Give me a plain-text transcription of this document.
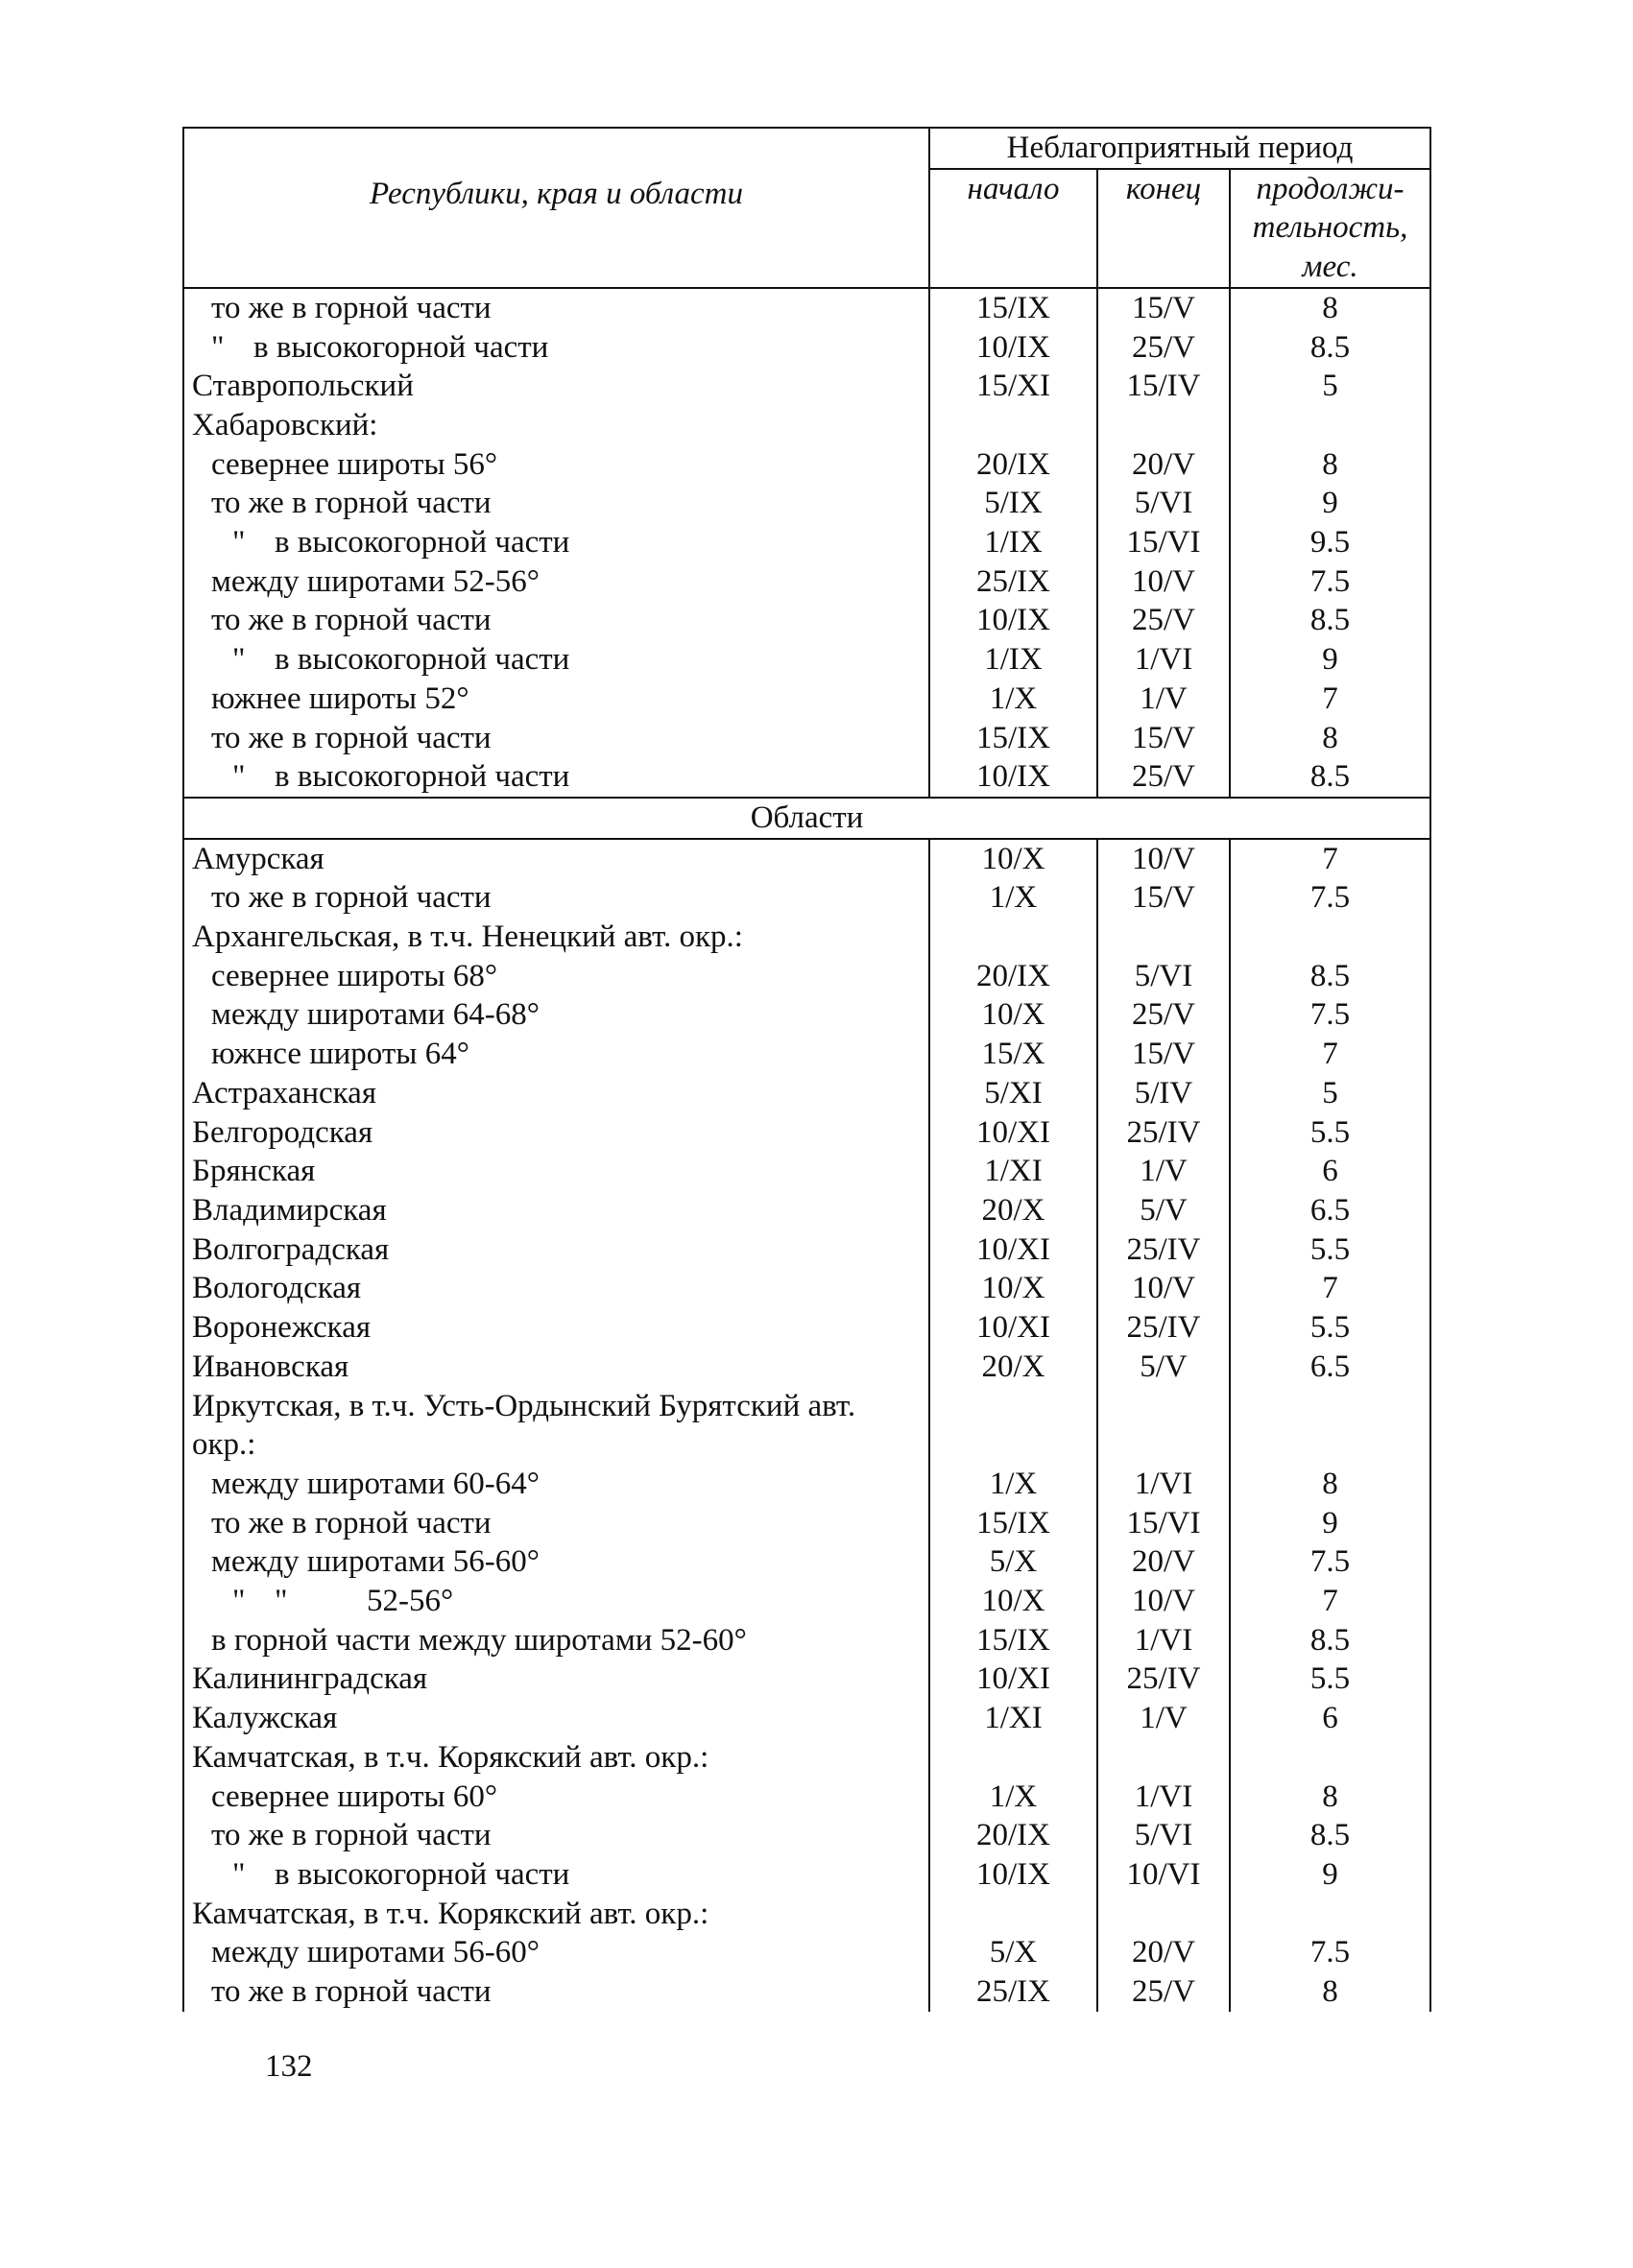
Республики, края и области	Неблагоприятный период		
	начало	конец	продолжи-тельность, мес.
то же в горной части	15/IX	15/V	8
" в высокогорной части	10/IX	25/V	8.5
Ставропольский	15/XI	15/IV	5
Хабаровский:			
севернее широты 56°	20/IX	20/V	8
то же в горной части	5/IX	5/VI	9
" в высокогорной части	1/IX	15/VI	9.5
между широтами 52-56°	25/IX	10/V	7.5
то же в горной части	10/IX	25/V	8.5
" в высокогорной части	1/IX	1/VI	9
южнее широты 52°	1/X	1/V	7
то же в горной части	15/IX	15/V	8
" в высокогорной части	10/IX	25/V	8.5
Области			
Амурская	10/X	10/V	7
то же в горной части	1/X	15/V	7.5
Архангельская, в т.ч. Ненецкий авт. окр.:			
севернее широты 68°	20/IX	5/VI	8.5
между широтами 64-68°	10/X	25/V	7.5
южнсе широты 64°	15/X	15/V	7
Астраханская	5/XI	5/IV	5
Белгородская	10/XI	25/IV	5.5
Брянская	1/XI	1/V	6
Владимирская	20/X	5/V	6.5
Волгоградская	10/XI	25/IV	5.5
Вологодская	10/X	10/V	7
Воронежская	10/XI	25/IV	5.5
Ивановская	20/X	5/V	6.5
Иркутская, в т.ч. Усть-Ордынский Бурятский авт.			
окр.:			
между широтами 60-64°	1/X	1/VI	8
то же в горной части	15/IX	15/VI	9
между широтами 56-60°	5/X	20/V	7.5
" "          52-56°	10/X	10/V	7
в горной части между широтами 52-60°	15/IX	1/VI	8.5
Калининградская	10/XI	25/IV	5.5
Калужская	1/XI	1/V	6
Камчатская, в т.ч. Корякский авт. окр.:			
севернее широты 60°	1/X	1/VI	8
то же в горной части	20/IX	5/VI	8.5
" в высокогорной части	10/IX	10/VI	9
Камчатская, в т.ч. Корякский авт. окр.:			
между широтами 56-60°	5/X	20/V	7.5
то же в горной части	25/IX	25/V	8
132
